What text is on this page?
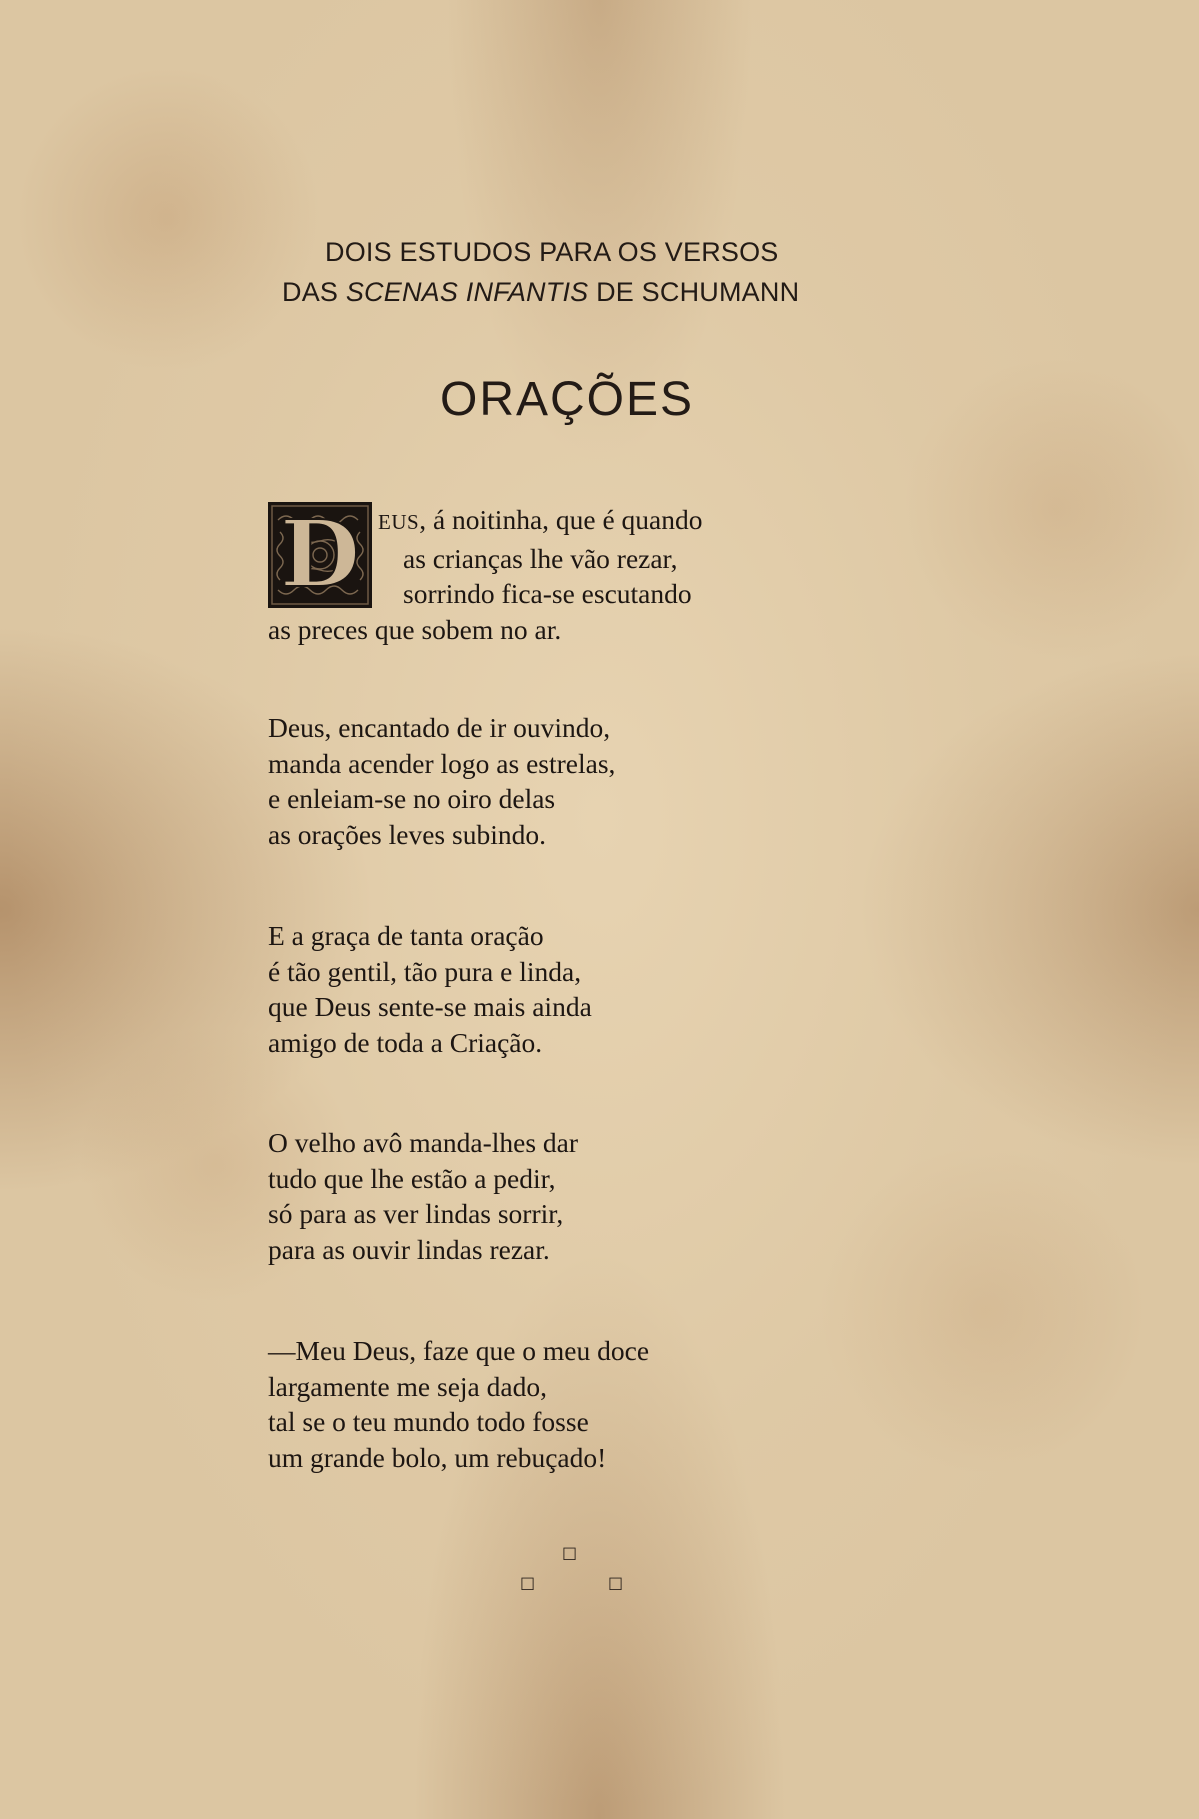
DOIS ESTUDOS PARA OS VERSOS
DAS SCENAS INFANTIS DE SCHUMANN
ORAÇÕES
D EUS, á noitinha, que é quando
as crianças lhe vão rezar,
sorrindo fica-se escutando
as preces que sobem no ar.
Deus, encantado de ir ouvindo,
manda acender logo as estrelas,
e enleiam-se no oiro delas
as orações leves subindo.
E a graça de tanta oração
é tão gentil, tão pura e linda,
que Deus sente-se mais ainda
amigo de toda a Criação.
O velho avô manda-lhes dar
tudo que lhe estão a pedir,
só para as ver lindas sorrir,
para as ouvir lindas rezar.
—Meu Deus, faze que o meu doce
largamente me seja dado,
tal se o teu mundo todo fosse
um grande bolo, um rebuçado!
□
□	□
